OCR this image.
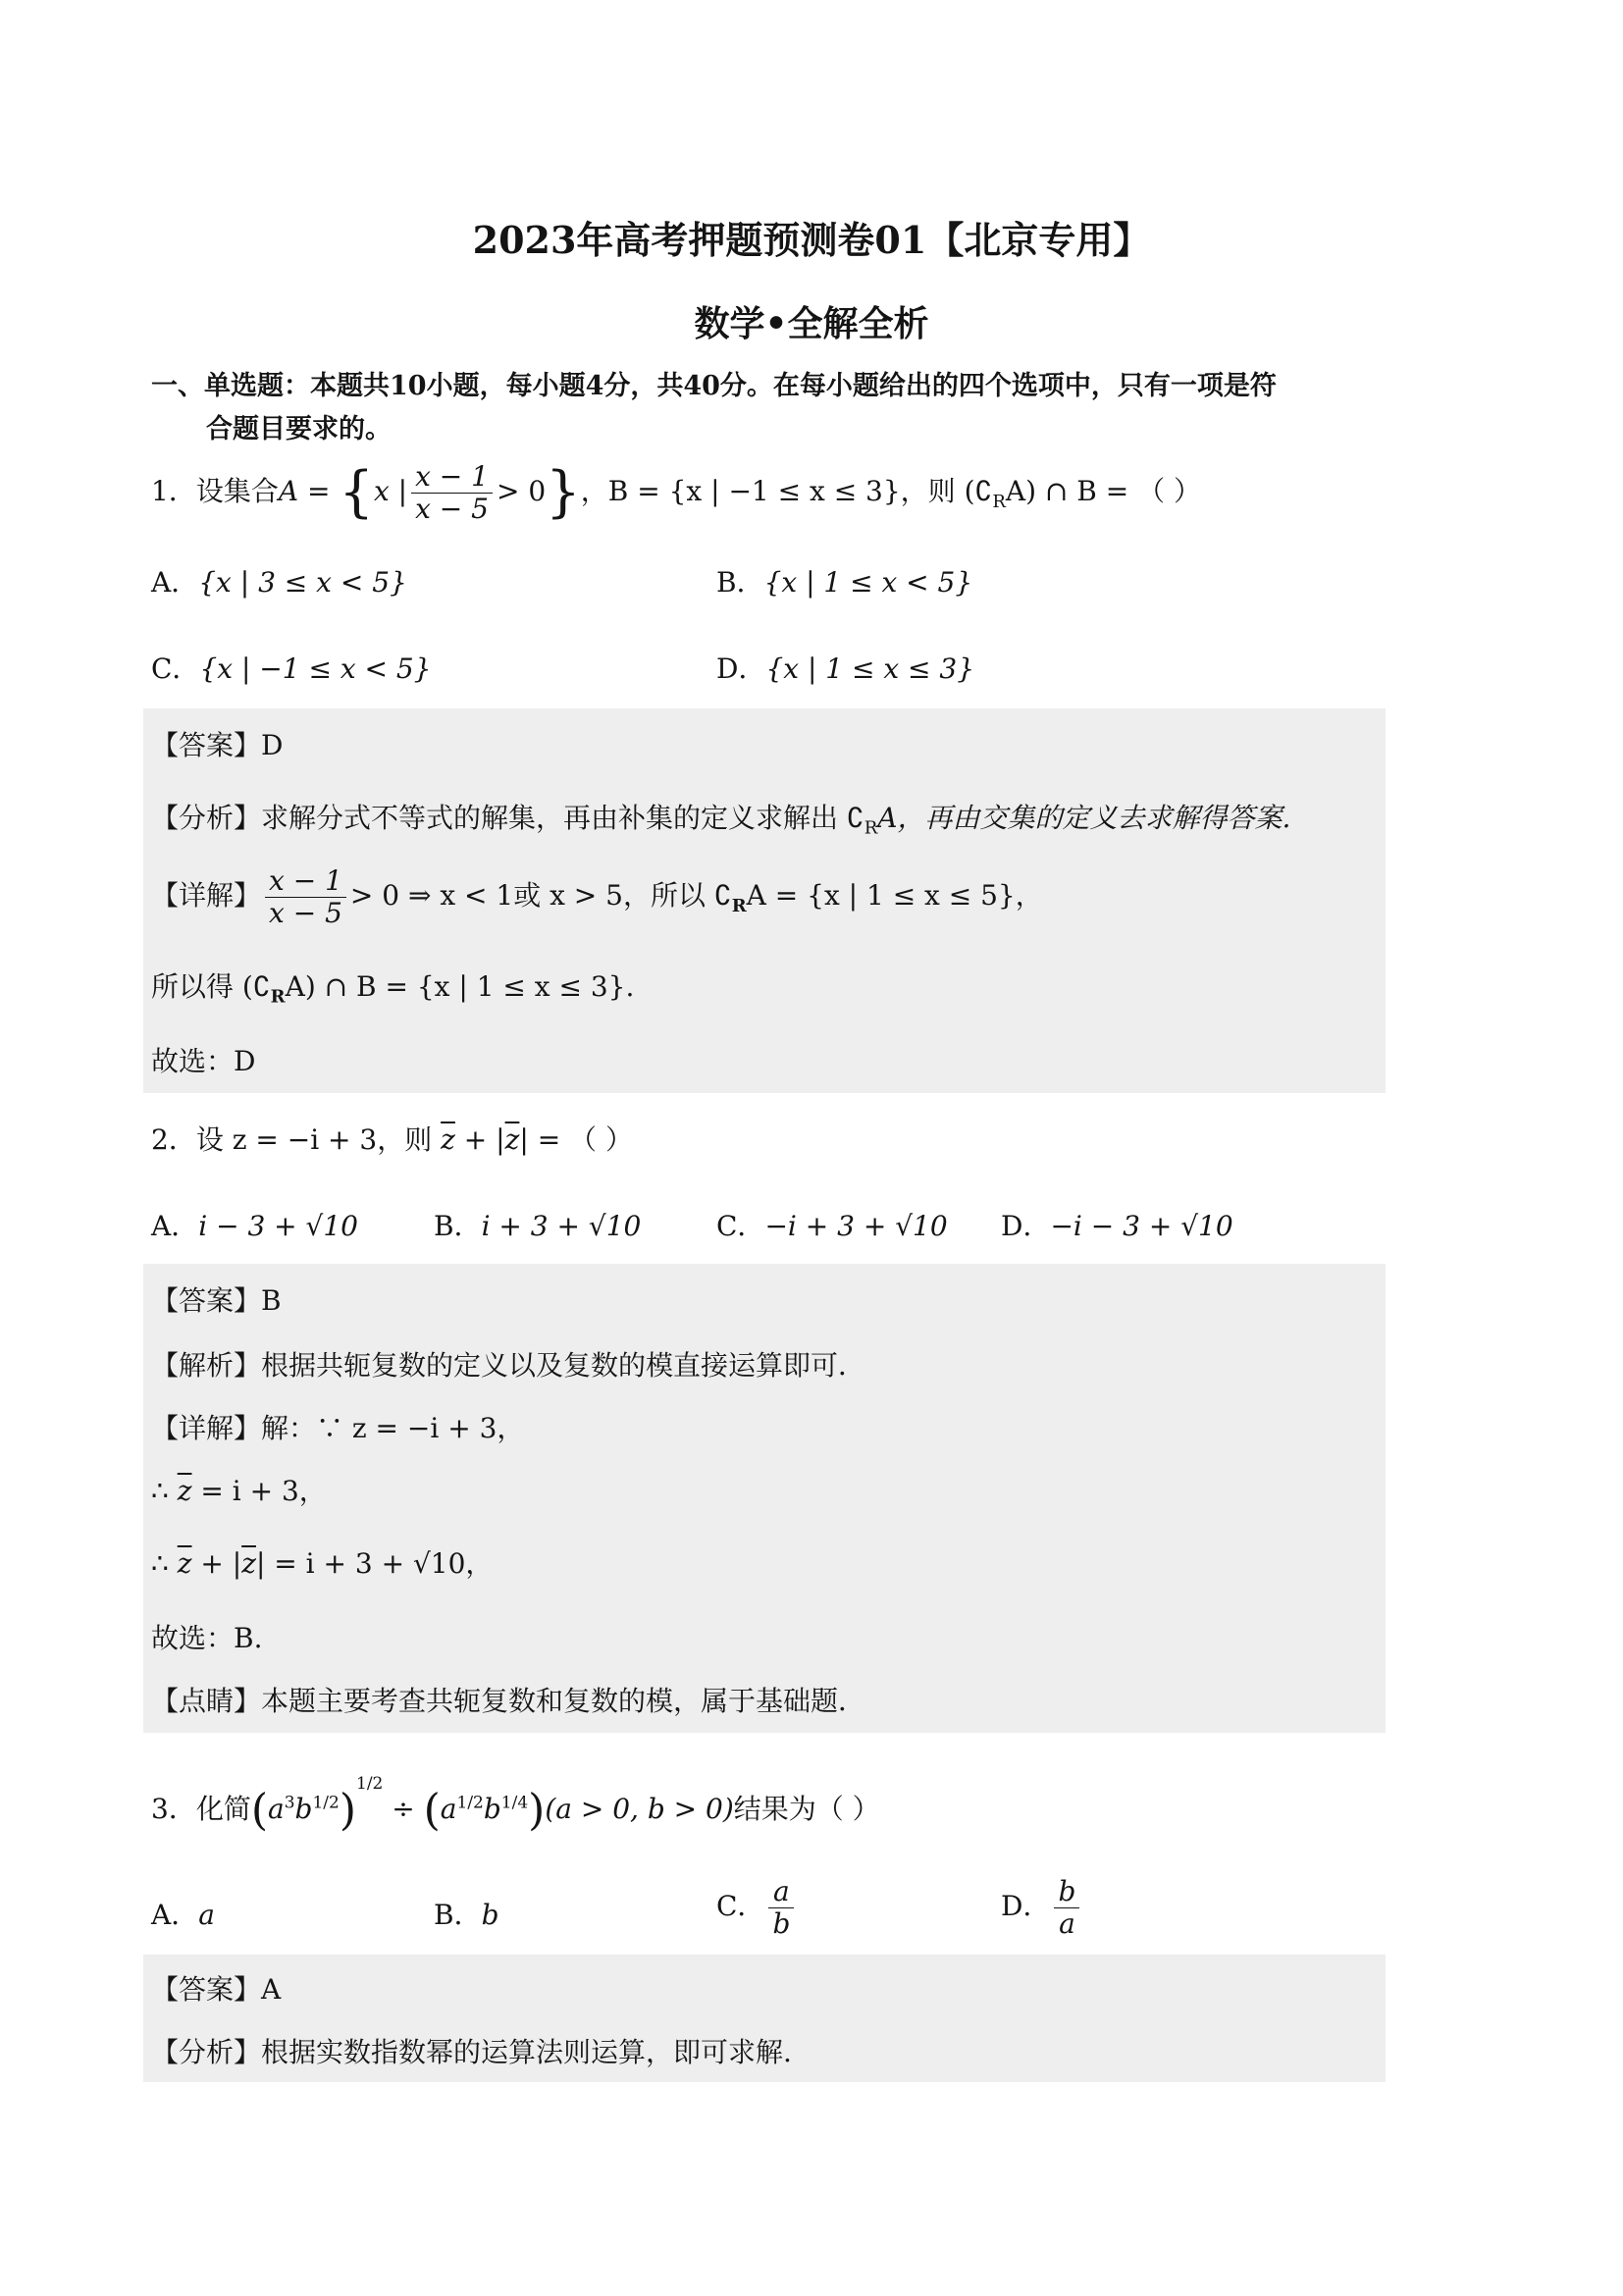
2023年高考押题预测卷01【北京专用】
数学•全解全析
一、单选题：本题共10小题，每小题4分，共40分。在每小题给出的四个选项中，只有一项是符
合题目要求的。
1．设集合A = {x | $\frac{x - 1}{x - 5} > 0$}，B = {x | −1 ≤ x ≤ 3}，则 $(∁_RA)$ ∩ B = （ ）
A．{x | 3 ≤ x < 5}	B．{x | 1 ≤ x < 5}
C．{x | −1 ≤ x < 5}	D．{x | 1 ≤ x ≤ 3}
【答案】D
【分析】求解分式不等式的解集，再由补集的定义求解出 $∁_RA$，再由交集的定义去求解得答案.
【详解】 $\frac{x - 1}{x - 5} > 0$ ⇒ x < 1或 x > 5，所以 $∁_RA = \{x$ | 1 ≤ x ≤ 5}，
所以得 $(∁_RA)$ ∩ B = {x | 1 ≤ x ≤ 3}.
故选：D
2．设 z = −i + 3，则 $\overline{z} + |\overline{z}|$ = （ ）
A．i − 3 + √10	B．i + 3 + √10	C．−i + 3 + √10 D．−i − 3 + √10
【答案】B
【解析】根据共轭复数的定义以及复数的模直接运算即可．
【详解】解：∵ z = −i + 3，
∴ $\overline{z} = i + 3$，
∴ $\overline{z} + |\overline{z}| = i + 3 + √10$，
故选：B.
【点睛】本题主要考查共轭复数和复数的模，属于基础题．
3．化简$(a^3b^{1/2})^{1/2} \div (a^{1/2}b^{1/4})(a > 0$, b > 0)结果为（ ）
A．a	B．b	C． $\frac{a}{b}$	D． $\frac{b}{a}$
【答案】A
【分析】根据实数指数幂的运算法则运算，即可求解.
